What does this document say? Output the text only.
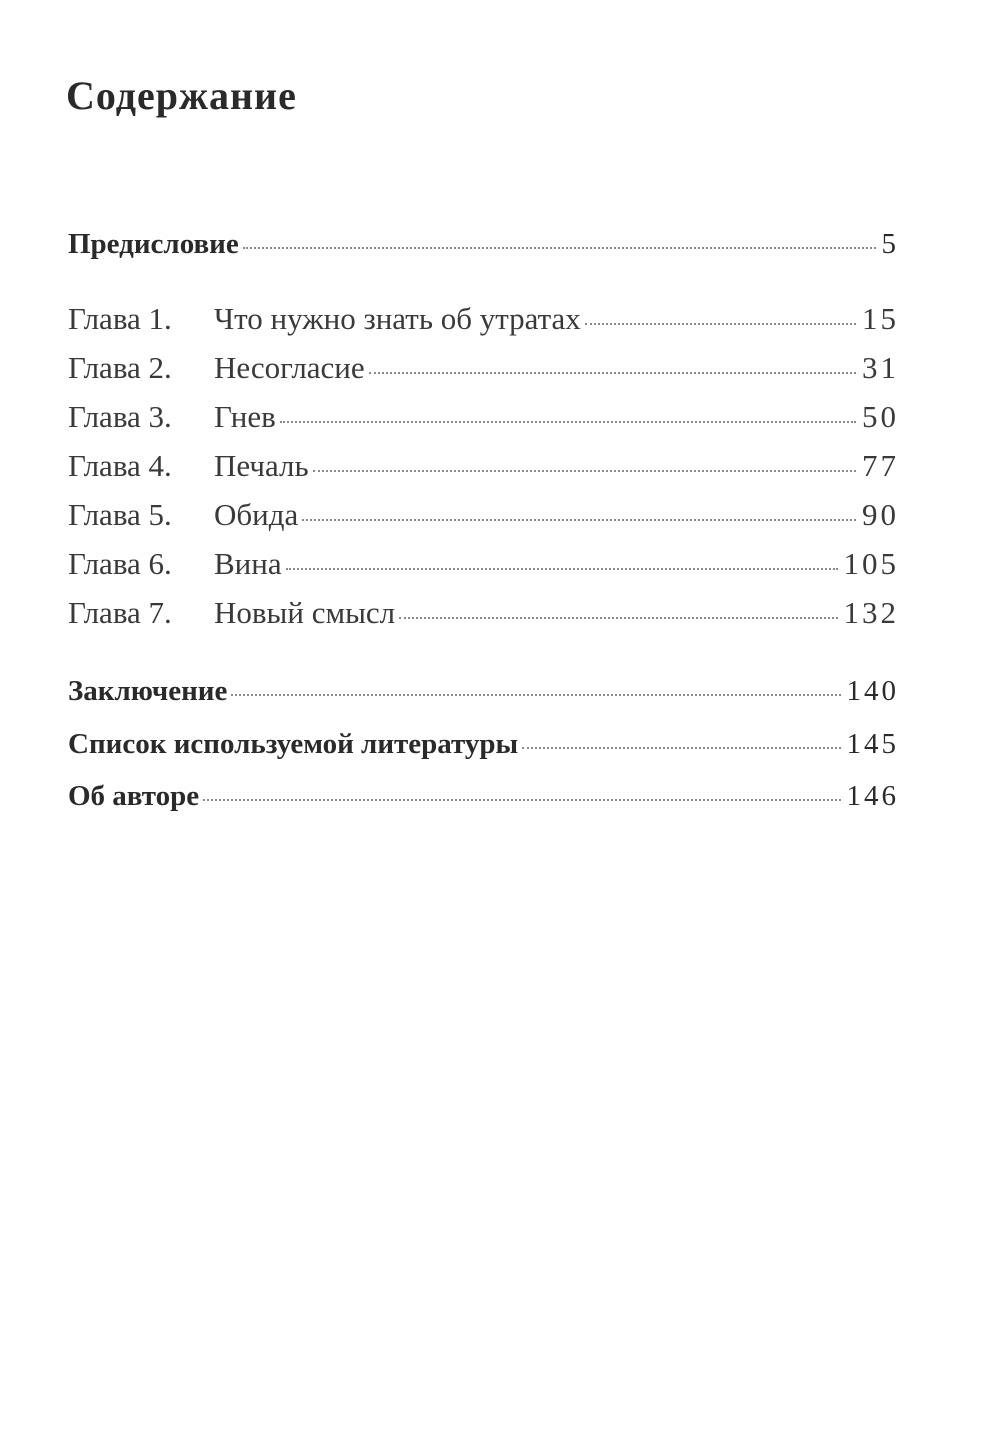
Содержание
Предисловие	5
Глава 1.	Что нужно знать об утратах	15
Глава 2.	Несогласие	31
Глава 3.	Гнев	50
Глава 4.	Печаль	77
Глава 5.	Обида	90
Глава 6.	Вина	105
Глава 7.	Новый смысл	132
Заключение	140
Список используемой литературы	145
Об авторе	146
